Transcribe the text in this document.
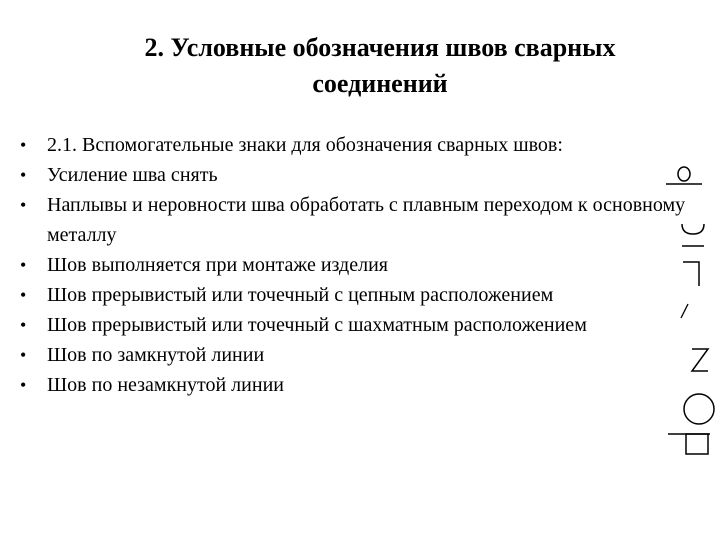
2. Условные обозначения швов сварных
соединений
• 2.1. Вспомогательные знаки для обозначения сварных швов:
• Усиление шва снять
• Наплывы и неровности шва обработать с плавным переходом к основному металлу
• Шов выполняется при монтаже изделия
• Шов прерывистый или точечный с цепным расположением
• Шов прерывистый или точечный с шахматным расположением
• Шов по замкнутой линии
• Шов по незамкнутой линии
